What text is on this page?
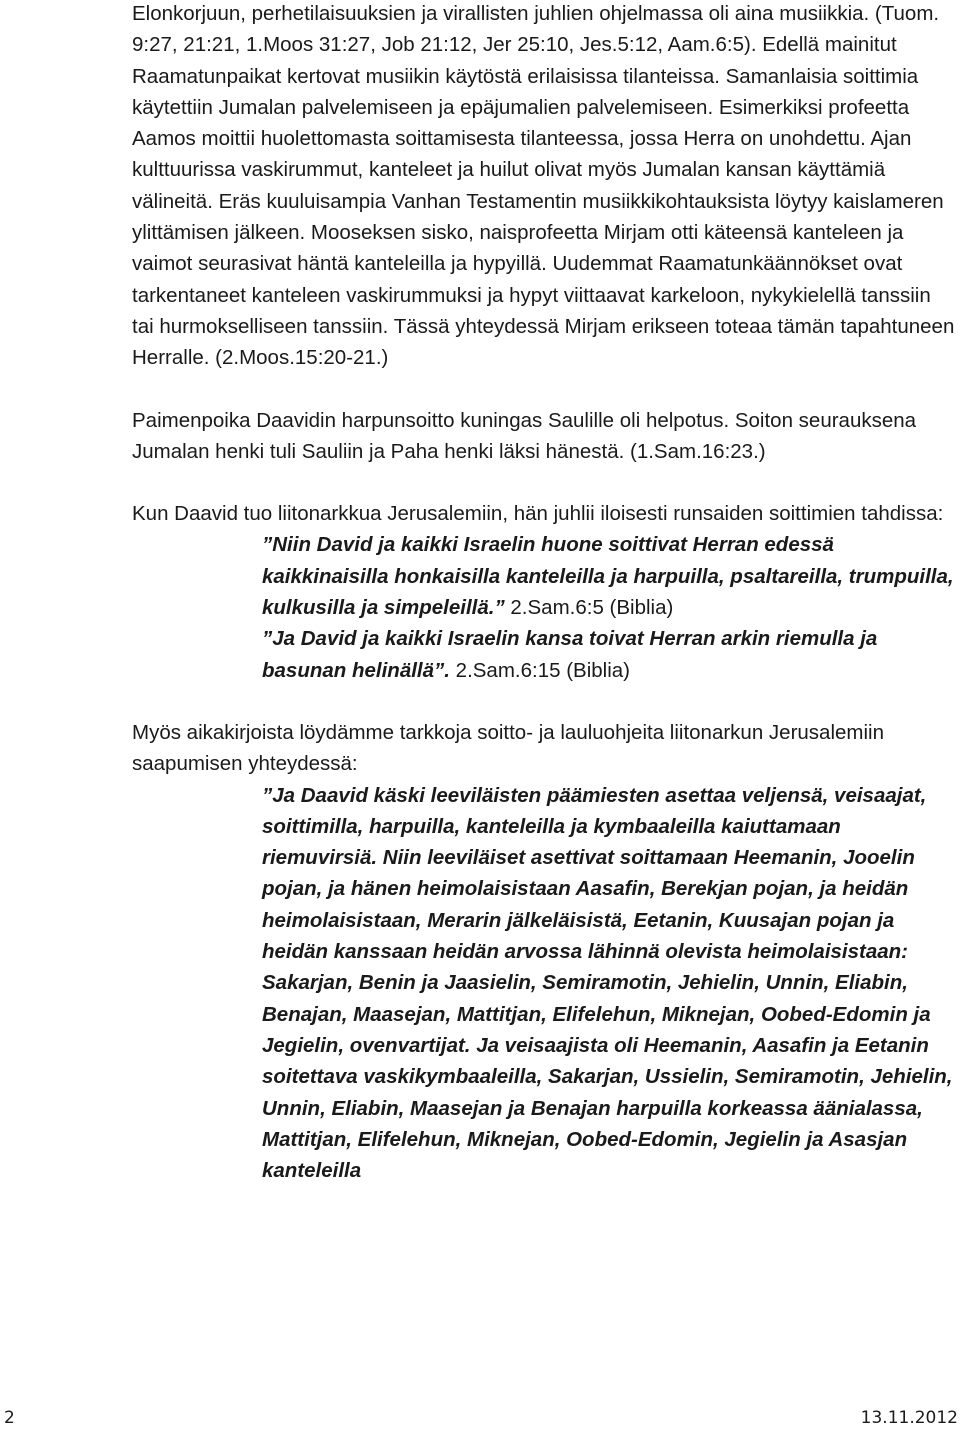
Elonkorjuun, perhetilaisuuksien ja virallisten juhlien ohjelmassa oli aina musiikkia. (Tuom. 9:27, 21:21, 1.Moos 31:27, Job 21:12, Jer 25:10, Jes.5:12, Aam.6:5). Edellä mainitut Raamatunpaikat kertovat musiikin käytöstä erilaisissa tilanteissa. Samanlaisia soittimia käytettiin Jumalan palvelemiseen ja epäjumalien palvelemiseen. Esimerkiksi profeetta Aamos moittii huolettomasta soittamisesta tilanteessa, jossa Herra on unohdettu. Ajan kulttuurissa vaskirummut, kanteleet ja huilut olivat myös Jumalan kansan käyttämiä välineitä. Eräs kuuluisampia Vanhan Testamentin musiikkikohtauksista löytyy kaislameren ylittämisen jälkeen. Mooseksen sisko, naisprofeetta Mirjam otti käteensä kanteleen ja vaimot seurasivat häntä kanteleilla ja hypyillä. Uudemmat Raamatunkäännökset ovat tarkentaneet kanteleen vaskirummuksi ja hypyt viittaavat karkeloon, nykykielellä tanssiin tai hurmokselliseen tanssiin. Tässä yhteydessä Mirjam erikseen toteaa tämän tapahtuneen Herralle. (2.Moos.15:20-21.)

Paimenpoika Daavidin harpunsoitto kuningas Saulille oli helpotus. Soiton seurauksena Jumalan henki tuli Sauliin ja Paha henki läksi hänestä. (1.Sam.16:23.)

Kun Daavid tuo liitonarkkua Jerusalemiin, hän juhlii iloisesti runsaiden soittimien tahdissa:

”Niin David ja kaikki Israelin huone soittivat Herran edessä kaikkinaisilla honkaisilla kanteleilla ja harpuilla, psaltareilla, trumpuilla, kulkusilla ja simpeleillä.” 2.Sam.6:5 (Biblia)
”Ja David ja kaikki Israelin kansa toivat Herran arkin riemulla ja basunan helinällä”. 2.Sam.6:15 (Biblia)

Myös aikakirjoista löydämme tarkkoja soitto- ja lauluohjeita liitonarkun Jerusalemiin saapumisen yhteydessä:

”Ja Daavid käski leeviläisten päämiesten asettaa veljensä, veisaajat, soittimilla, harpuilla, kanteleilla ja kymbaaleilla kaiuttamaan riemuvirsiä. Niin leeviläiset asettivat soittamaan Heemanin, Jooelin pojan, ja hänen heimolaisistaan Aasafin, Berekjan pojan, ja heidän heimolaisistaan, Merarin jälkeläisistä, Eetanin, Kuusajan pojan ja heidän kanssaan heidän arvossa lähinnä olevista heimolaisistaan: Sakarjan, Benin ja Jaasielin, Semiramotin, Jehielin, Unnin, Eliabin, Benajan, Maasejan, Mattitjan, Elifelehun, Miknejan, Oobed-Edomin ja Jegielin, ovenvartijat. Ja veisaajista oli Heemanin, Aasafin ja Eetanin soitettava vaskikymbaaleilla, Sakarjan, Ussielin, Semiramotin, Jehielin, Unnin, Eliabin, Maasejan ja Benajan harpuilla korkeassa äänialassa, Mattitjan, Elifelehun, Miknejan, Oobed-Edomin, Jegielin ja Asasjan kanteleilla
2	13.11.2012
